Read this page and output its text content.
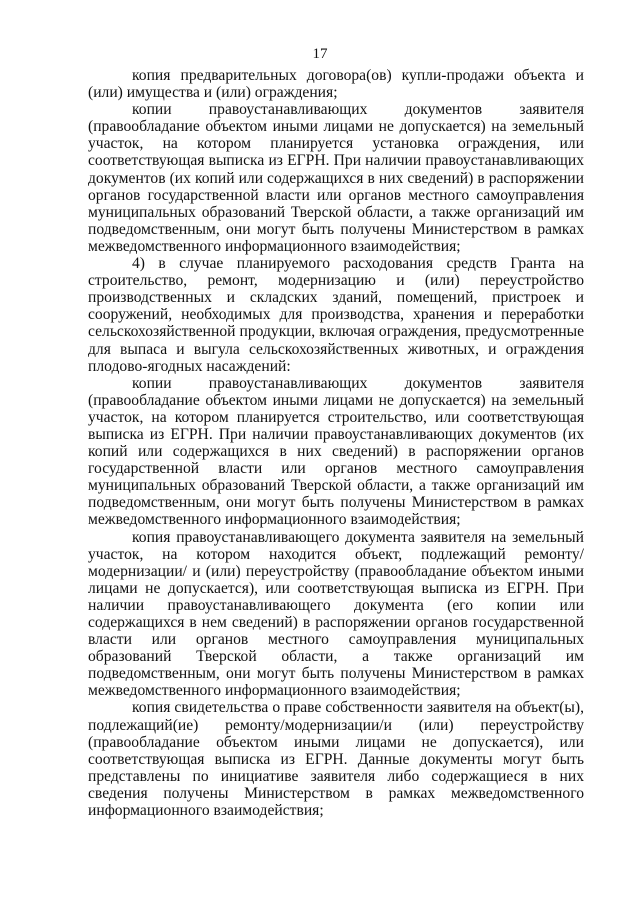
17

копия предварительных договора(ов) купли-продажи объекта и (или) имущества и (или) ограждения;

копии правоустанавливающих документов заявителя (правообладание объектом иными лицами не допускается) на земельный участок, на котором планируется установка ограждения, или соответствующая выписка из ЕГРН. При наличии правоустанавливающих документов (их копий или содержащихся в них сведений) в распоряжении органов государственной власти или органов местного самоуправления муниципальных образований Тверской области, а также организаций им подведомственным, они могут быть получены Министерством в рамках межведомственного информационного взаимодействия;

4) в случае планируемого расходования средств Гранта на строительство, ремонт, модернизацию и (или) переустройство производственных и складских зданий, помещений, пристроек и сооружений, необходимых для производства, хранения и переработки сельскохозяйственной продукции, включая ограждения, предусмотренные для выпаса и выгула сельскохозяйственных животных, и ограждения плодово-ягодных насаждений:

копии правоустанавливающих документов заявителя (правообладание объектом иными лицами не допускается) на земельный участок, на котором планируется строительство, или соответствующая выписка из ЕГРН. При наличии правоустанавливающих документов (их копий или содержащихся в них сведений) в распоряжении органов государственной власти или органов местного самоуправления муниципальных образований Тверской области, а также организаций им подведомственным, они могут быть получены Министерством в рамках межведомственного информационного взаимодействия;

копия правоустанавливающего документа заявителя на земельный участок, на котором находится объект, подлежащий ремонту/модернизации/ и (или) переустройству (правообладание объектом иными лицами не допускается), или соответствующая выписка из ЕГРН. При наличии правоустанавливающего документа (его копии или содержащихся в нем сведений) в распоряжении органов государственной власти или органов местного самоуправления муниципальных образований Тверской области, а также организаций им подведомственным, они могут быть получены Министерством в рамках межведомственного информационного взаимодействия;

копия свидетельства о праве собственности заявителя на объект(ы), подлежащий(ие) ремонту/модернизации/и (или) переустройству (правообладание объектом иными лицами не допускается), или соответствующая выписка из ЕГРН. Данные документы могут быть представлены по инициативе заявителя либо содержащиеся в них сведения получены Министерством в рамках межведомственного информационного взаимодействия;
